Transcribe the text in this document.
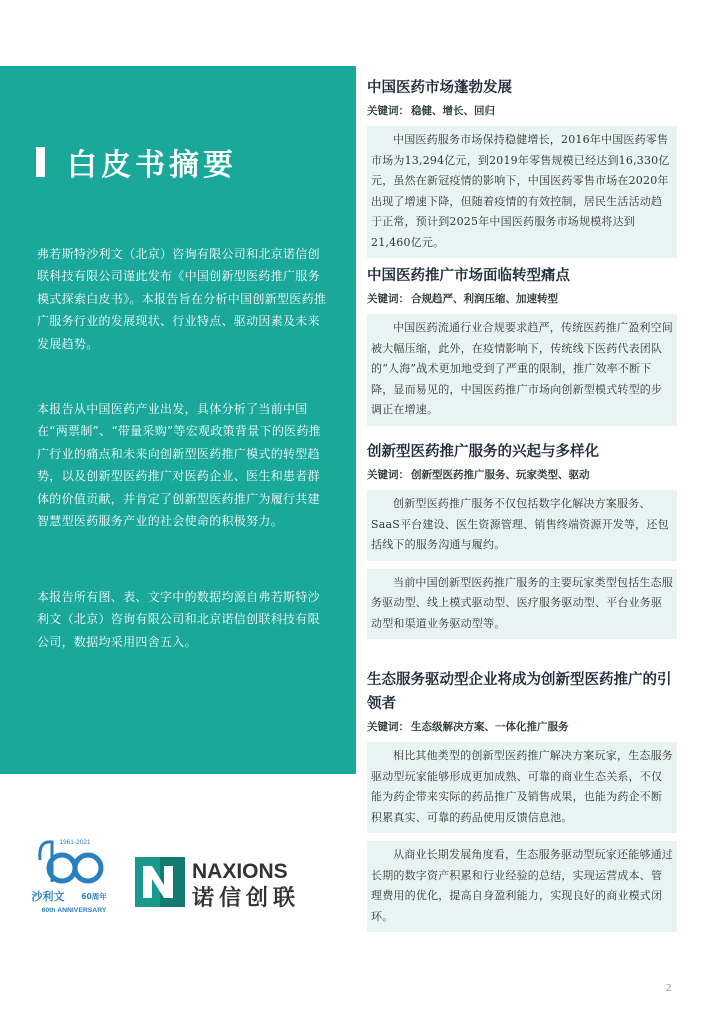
白皮书摘要
弗若斯特沙利文（北京）咨询有限公司和北京诺信创联科技有限公司谨此发布《中国创新型医药推广服务模式探索白皮书》。本报告旨在分析中国创新型医药推广服务行业的发展现状、行业特点、驱动因素及未来发展趋势。
本报告从中国医药产业出发，具体分析了当前中国在“两票制”、“带量采购”等宏观政策背景下的医药推广行业的痛点和未来向创新型医药推广模式的转型趋势，以及创新型医药推广对医药企业、医生和患者群体的价值贡献，并肯定了创新型医药推广为履行共建智慧型医药服务产业的社会使命的积极努力。
本报告所有图、表、文字中的数据均源自弗若斯特沙利文（北京）咨询有限公司和北京诺信创联科技有限公司，数据均采用四舍五入。
中国医药市场蓬勃发展
关键词： 稳健、增长、回归

中国医药服务市场保持稳健增长，2016年中国医药零售市场为13,294亿元，到2019年零售规模已经达到16,330亿元，虽然在新冠疫情的影响下，中国医药零售市场在2020年出现了增速下降，但随着疫情的有效控制，居民生活活动趋于正常，预计到2025年中国医药服务市场规模将达到21,460亿元。

中国医药推广市场面临转型痛点
关键词： 合规趋严、利润压缩、加速转型

中国医药流通行业合规要求趋严，传统医药推广盈利空间被大幅压缩，此外，在疫情影响下，传统线下医药代表团队的“人海”战术更加地受到了严重的限制，推广效率不断下降，显而易见的，中国医药推广市场向创新型模式转型的步调正在增速。

创新型医药推广服务的兴起与多样化
关键词： 创新型医药推广服务、玩家类型、驱动

创新型医药推广服务不仅包括数字化解决方案服务、SaaS平台建设、医生资源管理、销售终端资源开发等，还包括线下的服务沟通与履约。

当前中国创新型医药推广服务的主要玩家类型包括生态服务驱动型、线上模式驱动型、医疗服务驱动型、平台业务驱动型和渠道业务驱动型等。

生态服务驱动型企业将成为创新型医药推广的引领者
关键词： 生态级解决方案、一体化推广服务

相比其他类型的创新型医药推广解决方案玩家，生态服务驱动型玩家能够形成更加成熟、可靠的商业生态关系，不仅能为药企带来实际的药品推广及销售成果，也能为药企不断积累真实、可靠的药品使用反馈信息池。

从商业长期发展角度看，生态服务驱动型玩家还能够通过长期的数字资产积累和行业经验的总结，实现运营成本、管理费用的优化，提高自身盈利能力，实现良好的商业模式闭环。

1961-2021
沙利文 60周年
60th ANNIVERSARY
NAXIONS
诺信创联
2
